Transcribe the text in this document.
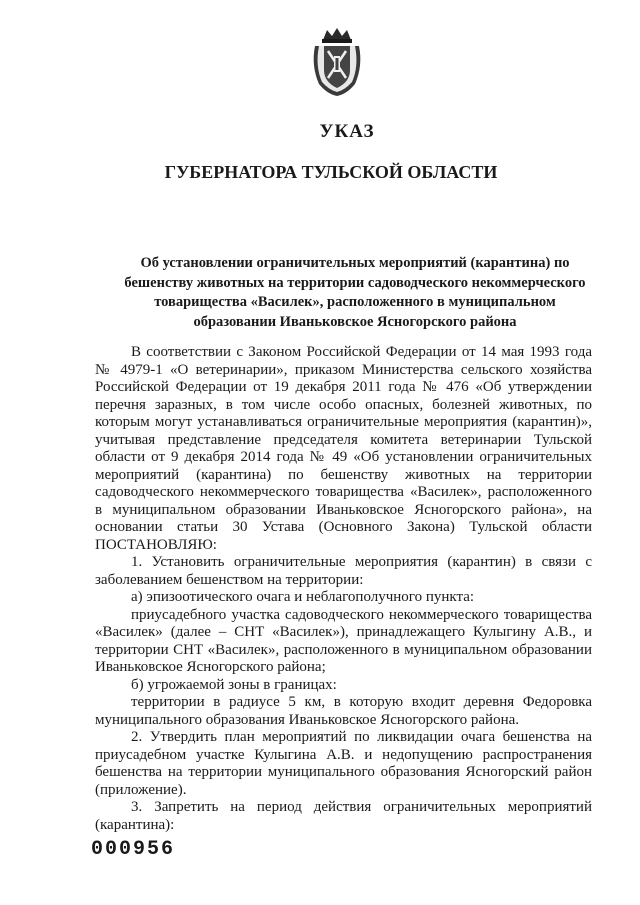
УКАЗ
ГУБЕРНАТОРА ТУЛЬСКОЙ ОБЛАСТИ

Об установлении ограничительных мероприятий (карантина) по бешенству животных на территории садоводческого некоммерческого товарищества «Василек», расположенного в муниципальном образовании Иваньковское Ясногорского района

В соответствии с Законом Российской Федерации от 14 мая 1993 года № 4979-1 «О ветеринарии», приказом Министерства сельского хозяйства Российской Федерации от 19 декабря 2011 года № 476 «Об утверждении перечня заразных, в том числе особо опасных, болезней животных, по которым могут устанавливаться ограничительные мероприятия (карантин)», учитывая представление председателя комитета ветеринарии Тульской области от 9 декабря 2014 года № 49 «Об установлении ограничительных мероприятий (карантина) по бешенству животных на территории садоводческого некоммерческого товарищества «Василек», расположенного в муниципальном образовании Иваньковское Ясногорского района», на основании статьи 30 Устава (Основного Закона) Тульской области ПОСТАНОВЛЯЮ:

1. Установить ограничительные мероприятия (карантин) в связи с заболеванием бешенством на территории:

а) эпизоотического очага и неблагополучного пункта:

приусадебного участка садоводческого некоммерческого товарищества «Василек» (далее – СНТ «Василек»), принадлежащего Кулыгину А.В., и территории СНТ «Василек», расположенного в муниципальном образовании Иваньковское Ясногорского района;

б) угрожаемой зоны в границах:

территории в радиусе 5 км, в которую входит деревня Федоровка муниципального образования Иваньковское Ясногорского района.

2. Утвердить план мероприятий по ликвидации очага бешенства на приусадебном участке Кулыгина А.В. и недопущению распространения бешенства на территории муниципального образования Ясногорский район (приложение).

3. Запретить на период действия ограничительных мероприятий (карантина):

000956
